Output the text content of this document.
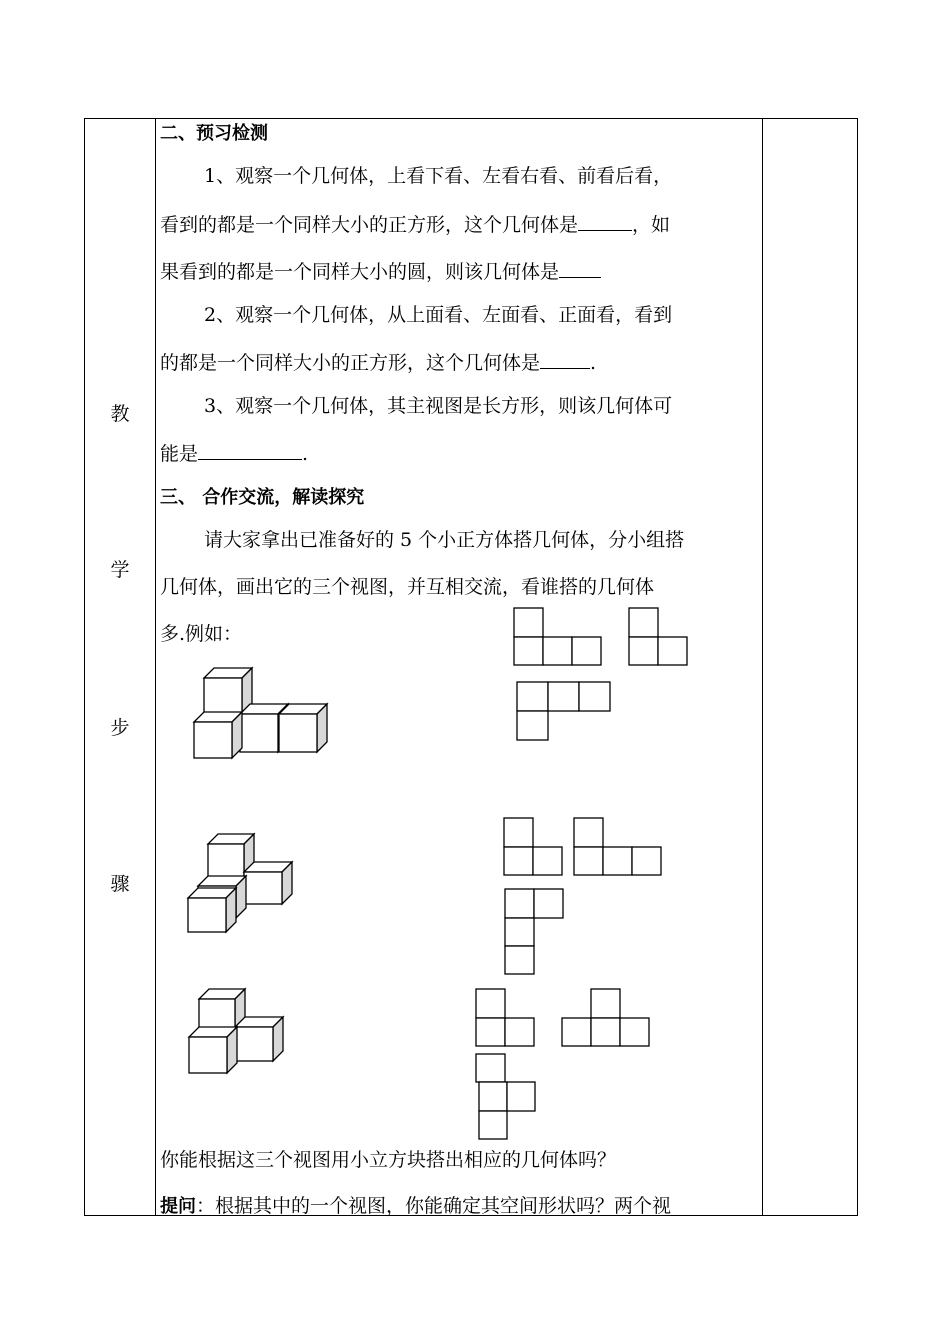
教
学
步
骤
二、预习检测
1、观察一个几何体，上看下看、左看右看、前看后看，
看到的都是一个同样大小的正方形，这个几何体是	，如
果看到的都是一个同样大小的圆，则该几何体是
2、观察一个几何体，从上面看、左面看、正面看，看到
的都是一个同样大小的正方形，这个几何体是	.
3、观察一个几何体，其主视图是长方形，则该几何体可
能是	.
三、 合作交流，解读探究
请大家拿出已准备好的 5 个小正方体搭几何体，分小组搭
几何体，画出它的三个视图，并互相交流，看谁搭的几何体
多.例如：
你能根据这三个视图用小立方块搭出相应的几何体吗？
提问：根据其中的一个视图，你能确定其空间形状吗？两个视
